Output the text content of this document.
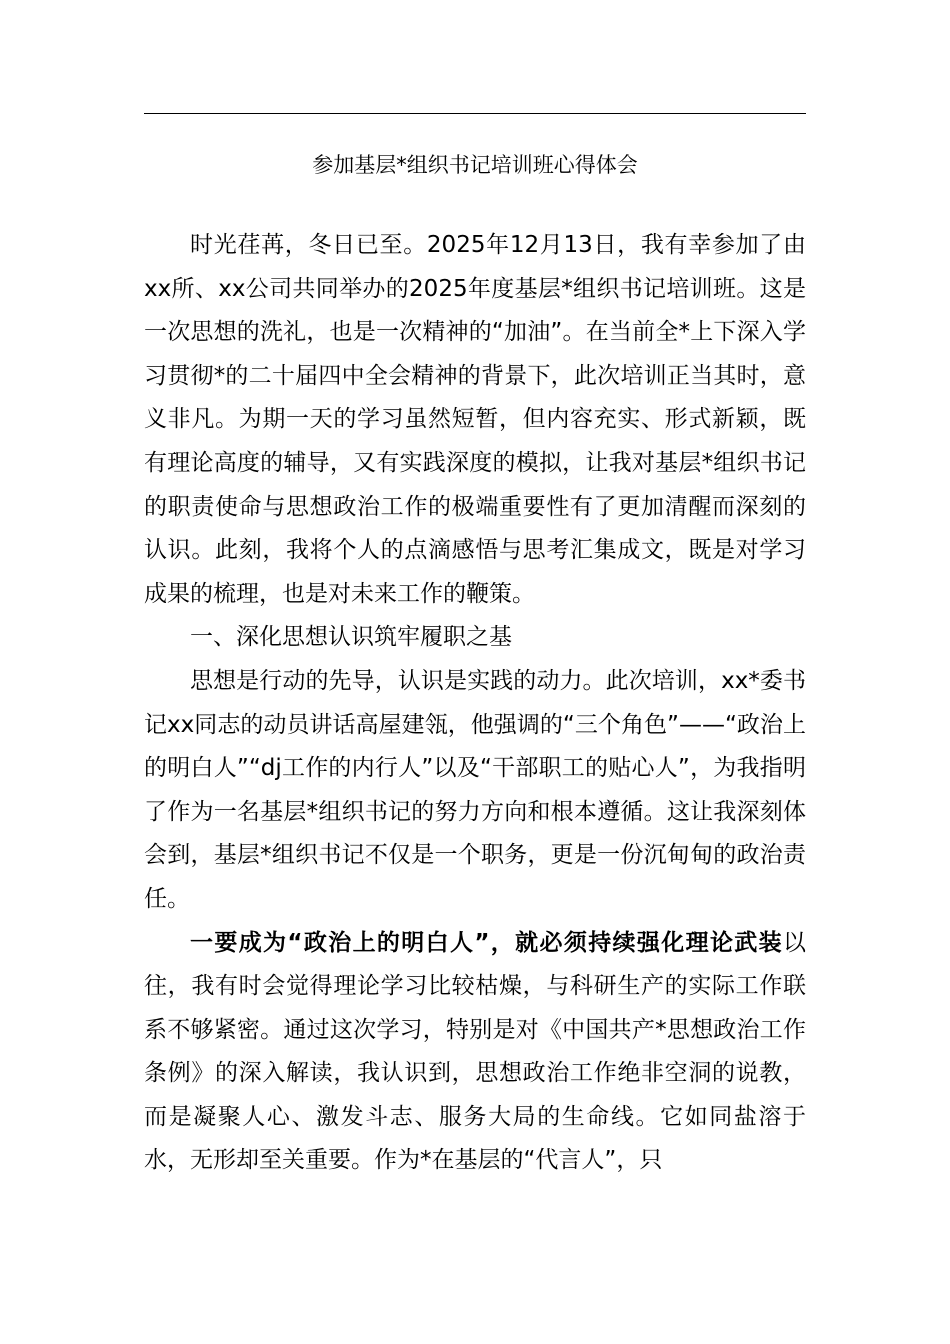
参加基层*组织书记培训班心得体会

时光荏苒，冬日已至。2025年12月13日，我有幸参加了由xx所、xx公司共同举办的2025年度基层*组织书记培训班。这是一次思想的洗礼，也是一次精神的“加油”。在当前全*上下深入学习贯彻*的二十届四中全会精神的背景下，此次培训正当其时，意义非凡。为期一天的学习虽然短暂，但内容充实、形式新颖，既有理论高度的辅导，又有实践深度的模拟，让我对基层*组织书记的职责使命与思想政治工作的极端重要性有了更加清醒而深刻的认识。此刻，我将个人的点滴感悟与思考汇集成文，既是对学习成果的梳理，也是对未来工作的鞭策。

一、深化思想认识筑牢履职之基

思想是行动的先导，认识是实践的动力。此次培训，xx*委书记xx同志的动员讲话高屋建瓴，他强调的“三个角色”——“政治上的明白人”“dj工作的内行人”以及“干部职工的贴心人”，为我指明了作为一名基层*组织书记的努力方向和根本遵循。这让我深刻体会到，基层*组织书记不仅是一个职务，更是一份沉甸甸的政治责任。

一要成为“政治上的明白人”，就必须持续强化理论武装以往，我有时会觉得理论学习比较枯燥，与科研生产的实际工作联系不够紧密。通过这次学习，特别是对《中国共产*思想政治工作条例》的深入解读，我认识到，思想政治工作绝非空洞的说教，而是凝聚人心、激发斗志、服务大局的生命线。它如同盐溶于水，无形却至关重要。作为*在基层的“代言人”，只
